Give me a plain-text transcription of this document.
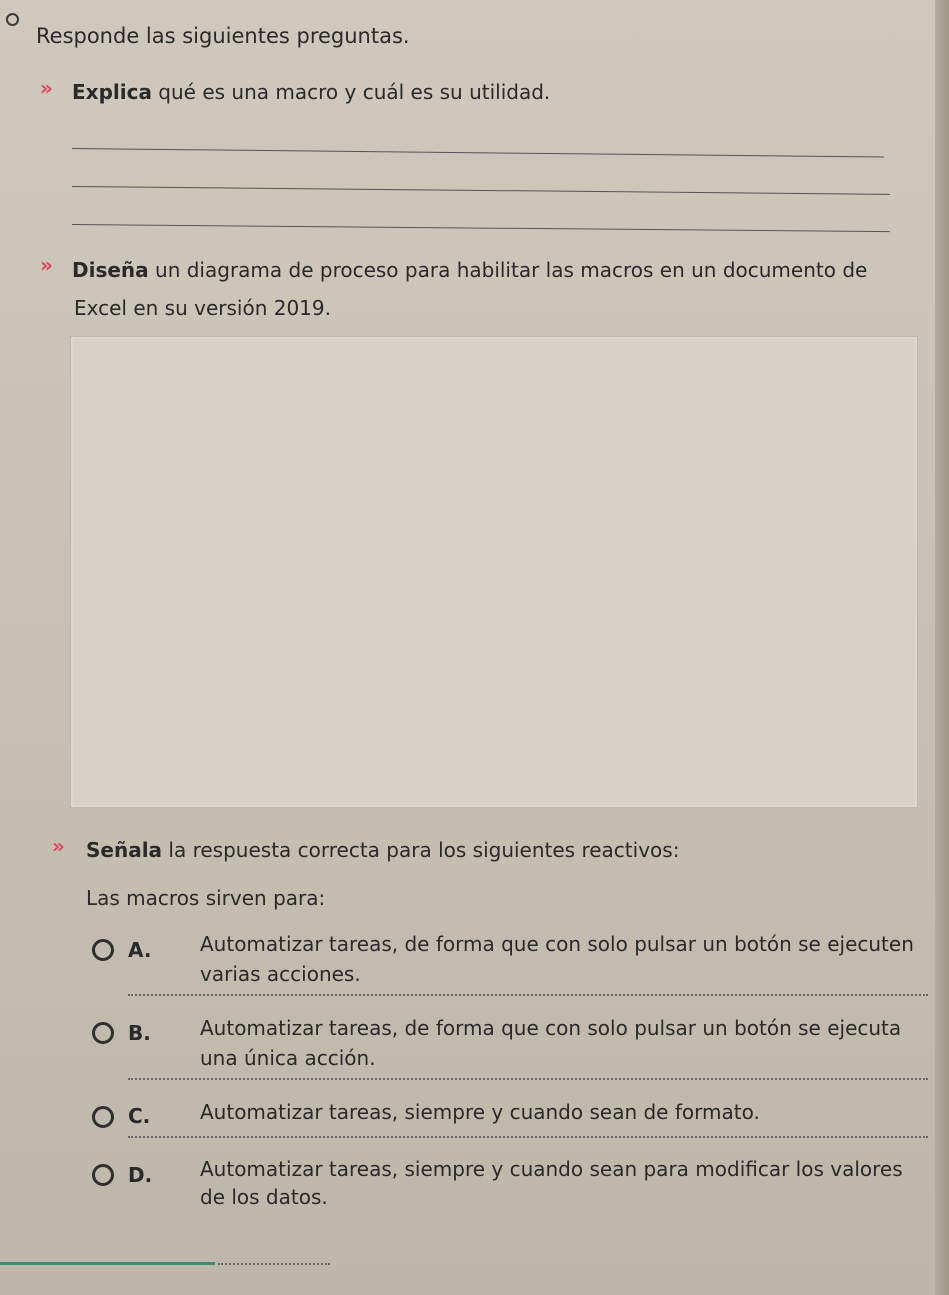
Responde las siguientes preguntas.
» Explica qué es una macro y cuál es su utilidad.
» Diseña un diagrama de proceso para habilitar las macros en un documento de
Excel en su versión 2019.
» Señala la respuesta correcta para los siguientes reactivos:
Las macros sirven para:
A. Automatizar tareas, de forma que con solo pulsar un botón se ejecuten
varias acciones.
B. Automatizar tareas, de forma que con solo pulsar un botón se ejecuta
una única acción.
C. Automatizar tareas, siempre y cuando sean de formato.
D. Automatizar tareas, siempre y cuando sean para modificar los valores
de los datos.
